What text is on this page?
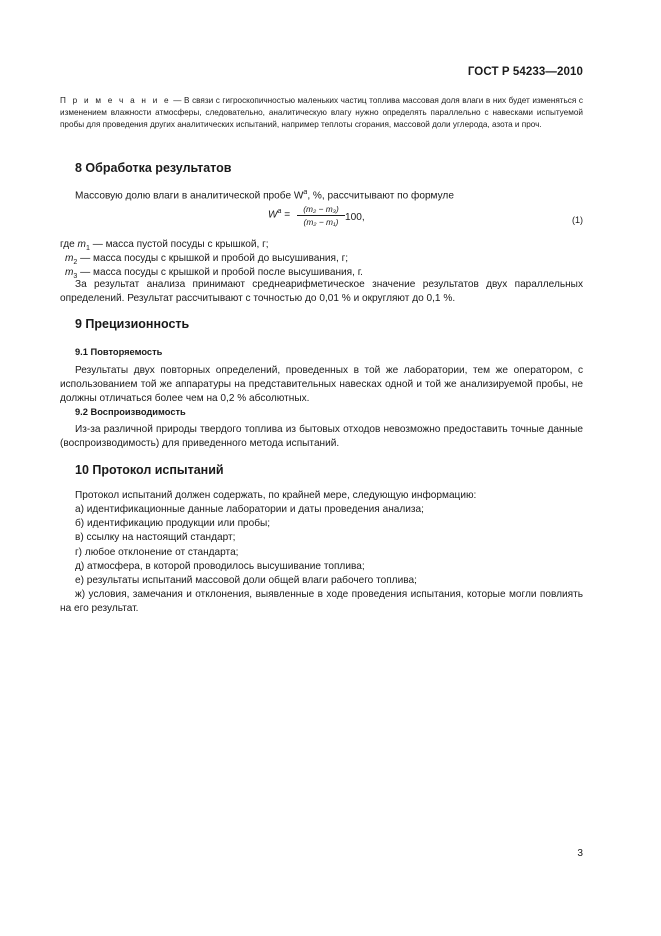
ГОСТ Р 54233—2010
П р и м е ч а н и е — В связи с гигроскопичностью маленьких частиц топлива массовая доля влаги в них будет изменяться с изменением влажности атмосферы, следовательно, аналитическую влагу нужно определять параллельно с навесками испытуемой пробы для проведения других аналитических испытаний, например теплоты сгорания, массовой доли углерода, азота и проч.
8 Обработка результатов
Массовую долю влаги в аналитической пробе $W^a$, %, рассчитывают по формуле
$W^a$ =
(m₂ − m₃)
(m₂ − m₁) 100,	(1)
где $m_1$ — масса пустой посуды с крышкой, г;
$m_2$ — масса посуды с крышкой и пробой до высушивания, г;
$m_3$ — масса посуды с крышкой и пробой после высушивания, г.
За результат анализа принимают среднеарифметическое значение результатов двух параллельных определений. Результат рассчитывают с точностью до 0,01 % и округляют до 0,1 %.
9 Прецизионность
9.1 Повторяемость
Результаты двух повторных определений, проведенных в той же лаборатории, тем же оператором, с использованием той же аппаратуры на представительных навесках одной и той же анализируемой пробы, не должны отличаться более чем на 0,2 % абсолютных.
9.2 Воспроизводимость
Из-за различной природы твердого топлива из бытовых отходов невозможно предоставить точные данные (воспроизводимость) для приведенного метода испытаний.
10 Протокол испытаний
Протокол испытаний должен содержать, по крайней мере, следующую информацию:
а) идентификационные данные лаборатории и даты проведения анализа;
б) идентификацию продукции или пробы;
в) ссылку на настоящий стандарт;
г) любое отклонение от стандарта;
д) атмосфера, в которой проводилось высушивание топлива;
е) результаты испытаний массовой доли общей влаги рабочего топлива;
ж) условия, замечания и отклонения, выявленные в ходе проведения испытания, которые могли повлиять на его результат.
3
